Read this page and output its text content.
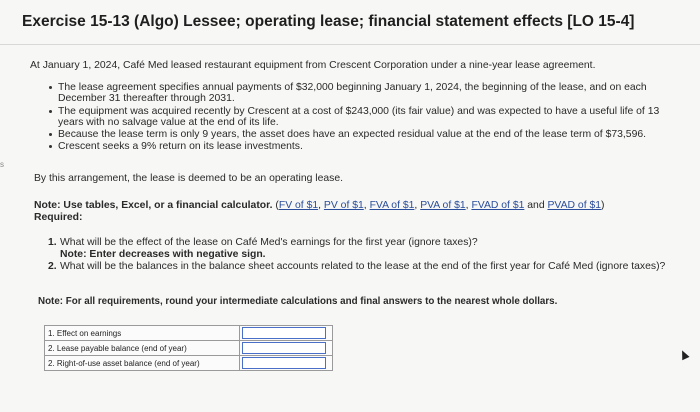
Exercise 15-13 (Algo) Lessee; operating lease; financial statement effects [LO 15-4]
s
At January 1, 2024, Café Med leased restaurant equipment from Crescent Corporation under a nine-year lease agreement.
The lease agreement specifies annual payments of $32,000 beginning January 1, 2024, the beginning of the lease, and on each December 31 thereafter through 2031.
The equipment was acquired recently by Crescent at a cost of $243,000 (its fair value) and was expected to have a useful life of 13 years with no salvage value at the end of its life.
Because the lease term is only 9 years, the asset does have an expected residual value at the end of the lease term of $73,596.
Crescent seeks a 9% return on its lease investments.
By this arrangement, the lease is deemed to be an operating lease.
Note: Use tables, Excel, or a financial calculator. (FV of $1, PV of $1, FVA of $1, PVA of $1, FVAD of $1 and PVAD of $1)
Required:
1. What will be the effect of the lease on Café Med's earnings for the first year (ignore taxes)?
Note: Enter decreases with negative sign.
2. What will be the balances in the balance sheet accounts related to the lease at the end of the first year for Café Med (ignore taxes)?
Note: For all requirements, round your intermediate calculations and final answers to the nearest whole dollars.
1. Effect on earnings	
2. Lease payable balance (end of year)	
2. Right-of-use asset balance (end of year)	
